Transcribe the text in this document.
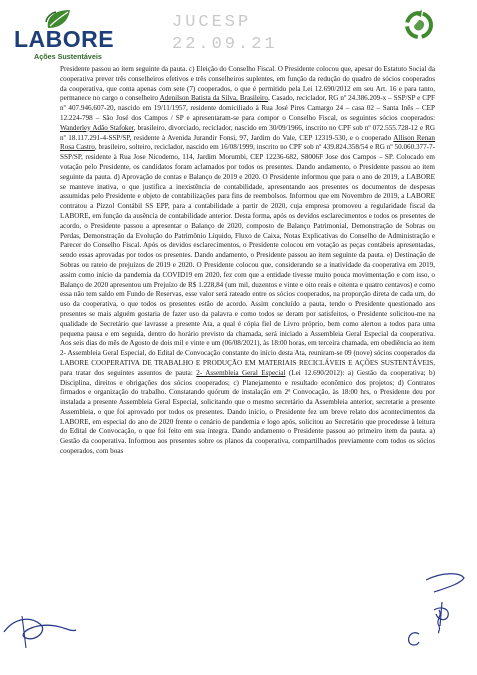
LABORE
Ações Sustentáveis
JUCESP
22.09.21

Presidente passou ao item seguinte da pauta. c) Eleição do Conselho Fiscal. O Presidente colocou que, apesar do Estatuto Social da cooperativa prever três conselheiros efetivos e três conselheiros suplentes, em função da redução do quadro de sócios cooperados da cooperativa, que conta apenas com sete (7) cooperados, o que é permitido pela Lei 12.690/2012 em seu Art. 16 e para tanto, permanece no cargo o conselheiro Adenilson Batista da Silva, Brasileiro, Casado, reciclador, RG nº 24.386.209-x – SSP/SP e CPF nº 407.946.607-20, nascido em 19/11/1957, residente domiciliado à Rua José Pires Camargo 24 – casa 02 – Santa Inês – CEP 12.224-798 – São José dos Campos / SP e apresentaram-se para compor o Conselho Fiscal, os seguintes sócios cooperados: Wanderley Adão Stafoker, brasileiro, divorciado, reciclador, nascido em 30/09/1966, inscrito no CPF sob nº 072.555.728-12 e RG nº 18.117.291-4-SSP/SP, residente à Avenida Jurandir Fonsi, 97, Jardim do Vale, CEP 12319-530, e o cooperado Allison Renan Rosa Castro, brasileiro, solteiro, reciclador, nascido em 16/08/1999, inscrito no CPF sob nº 439.824.358/54 e RG nº 50.060.377-7-SSP/SP, residente à Rua Jose Nicodemo, 114, Jardim Morumbi, CEP 12236-682, S8006F Jose dos Campos – SP. Colocado em votação pelo Presidente, os candidatos foram aclamados por todos os presentes. Dando andamento, o Presidente passou ao item seguinte da pauta. d) Aprovação de contas e Balanço de 2019 e 2020. O Presidente informou que para o ano de 2019, a LABORE se manteve inativa, o que justifica a inexistência de contabilidade, apresentando aos presentes os documentos de despesas assumidas pelo Presidente e objeto de contabilizações para fins de reembolsos. Informou que em Novembro de 2019, a LABORE contratou a Pizzol Contábil SS EPP, para a contabilidade a partir de 2020, cuja empresa promoveu a regularidade fiscal da LABORE, em função da ausência de contabilidade anterior. Desta forma, após os devidos esclarecimentos e todos os presentes de acordo, o Presidente passou a apresentar o Balanço de 2020, composto de Balanço Patrimonial, Demonstração de Sobras ou Perdas, Demonstração da Evolução do Patrimônio Líquido, Fluxo de Caixa, Notas Explicativas do Conselho de Administração e Parecer do Conselho Fiscal. Após os devidos esclarecimentos, o Presidente colocou em votação as peças contábeis apresentadas, sendo essas aprovadas por todos os presentes. Dando andamento, o Presidente passou ao item seguinte da pauta. e) Destinação de Sobras ou rateio de prejuízos de 2019 e 2020. O Presidente colocou que, considerando se a inatividade da cooperativa em 2019, assim como início da pandemia da COVID19 em 2020, fez com que a entidade tivesse muito pouca movimentação e com isso, o Balanço de 2020 apresentou um Prejuízo de R$ 1.228,84 (um mil, duzentos e vinte e oito reais e oitenta e quatro centavos) e como essa não tem saldo em Fundo de Reservas, esse valor será rateado entre os sócios cooperados, na proporção direta de cada um, do uso da cooperativa, o que todos os presentes estão de acordo. Assim concluído a pauta, tendo o Presidente questionado aos presentes se mais alguém gostaria de fazer uso da palavra e como todos se deram por satisfeitos, o Presidente solicitou-me na qualidade de Secretário que lavrasse a presente Ata, a qual é cópia fiel de Livro próprio, bem como alertou a todos para uma pequena pausa e em seguida, dentro do horário previsto da chamada, será iniciado a Assembleia Geral Especial da cooperativa. Aos seis dias do mês de Agosto de dois mil e vinte e um (06/08/2021), às 18:00 horas, em terceira chamada, em obediência ao item 2- Assembleia Geral Especial, do Edital de Convocação constante do início desta Ata, reuniram-se 09 (nove) sócios cooperados da LABORE COOPERATIVA DE TRABALHO E PRODUÇÃO EM MATERIAIS RECICLÁVEIS E AÇÕES SUSTENTÁVEIS, para tratar dos seguintes assuntos de pauta: 2- Assembleia Geral Especial (Lei 12.690/2012): a) Gestão da cooperativa; b) Disciplina, direitos e obrigações dos sócios cooperados; c) Planejamento e resultado econômico dos projetos; d) Contratos firmados e organização do trabalho. Constatando quórum de instalação em 2ª Convocação, às 18:00 hrs, o Presidente deu por instalada a presente Assembleia Geral Especial, solicitando que o mesmo secretário da Assembleia anterior, secretarie a presente Assembleia, o que foi aprovado por todos os presentes. Dando início, o Presidente fez um breve relato dos acontecimentos da LABORE, em especial do ano de 2020 frente o cenário de pandemia e logo após, solicitou ao Secretário que procedesse à leitura do Edital de Convocação, o que foi feito em sua íntegra. Dando andamento o Presidente passou ao primeiro item da pauta. a) Gestão da cooperativa. Informou aos presentes sobre os planos da cooperativa, compartilhados previamente com todos os sócios cooperados, com boas
